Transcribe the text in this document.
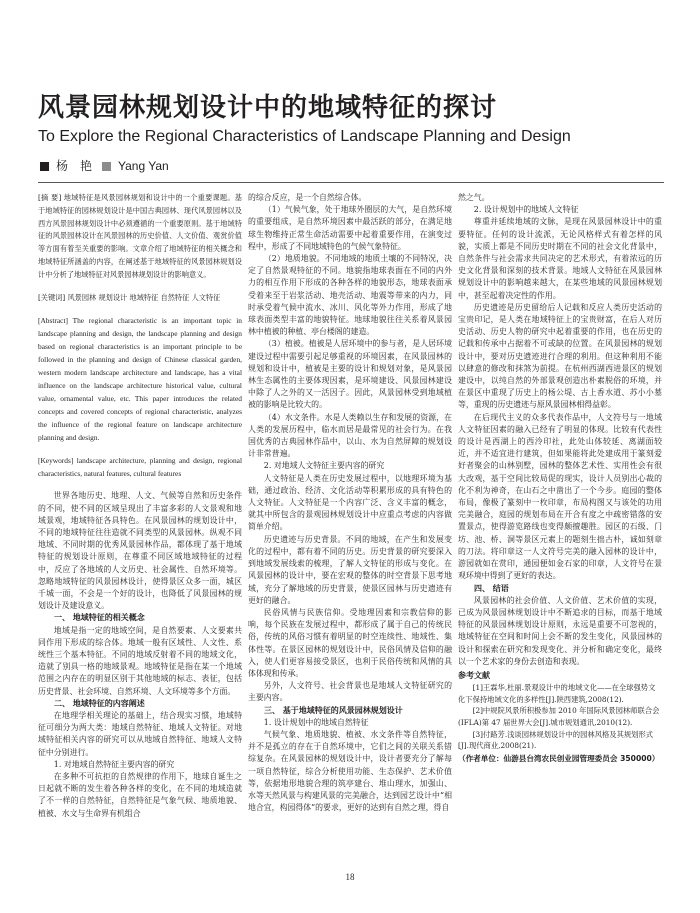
风景园林规划设计中的地域特征的探讨
To Explore the Regional Characteristics of Landscape Planning and Design
杨　艳 Yang Yan

[摘 要] 地域特征是风景园林规划和设计中的一个重要课题。基于地域特征的园林规划设计是中国古典园林、现代风景园林以及西方风景园林规划设计中必须遵循的一个重要原则。基于地域特征的风景园林设计在风景园林的历史价值、人文价值、观赏价值等方面有着至关重要的影响。文章介绍了地域特征的相关概念和地域特征所涵盖的内容，在阐述基于地域特征的风景园林规划设计中分析了地域特征对风景园林规划设计的影响意义。

[关键词] 风景园林 规划设计 地域特征 自然特征 人文特征

[Abstract] The regional characteristic is an important topic in landscape planning and design, the landscape planning and design based on regional characteristics is an important principle to be followed in the planning and design of Chinese classical garden, western modern landscape architecture and landscape, has a vital influence on the landscape architecture historical value, cultural value, ornamental value, etc. This paper introduces the related concepts and covered concepts of regional characteristic, analyzes the influence of the regional feature on landscape architecture planning and design.

[Keywords] landscape architecture, planning and design, regional characteristics, natural features, cultural features

世界各地历史、地理、人文、气候等自然和历史条件的不同，使不同的区域呈现出了丰富多彩的人文景观和地域景观，地域特征各具特色。在风景园林的规划设计中，不同的地域特征往往造就不同类型的风景园林。纵观不同地域、不同时期的优秀风景园林作品，都体现了基于地域特征的规划设计原则，在尊重不同区域地域特征的过程中，反应了各地域的人文历史、社会属性、自然环境等。忽略地域特征的风景园林设计，使得景区众多一面，城区千城一面，不会是一个好的设计，也降低了风景园林的规划设计及建设意义。

一、 地域特征的相关概念

地域是指一定的地域空间，是自然要素、人文要素共同作用下形成的综合体。地域一般有区域性、人文性、系统性三个基本特征。不同的地域反射着不同的地域文化，造就了别具一格的地域景观。地域特征是指在某一个地域范围之内存在的明显区别于其他地域的标志、表征，包括历史背景、社会环境、自然环境、人文环境等多个方面。

二、 地域特征的内容阐述

在地理学相关理论的基础上，结合现实习惯，地域特征可细分为两大类：地域自然特征、地域人文特征。对地域特征相关内容的研究可以从地域自然特征、地域人文特征中分别进行。

1. 对地域自然特征主要内容的研究

在多种不可抗拒的自然规律的作用下，地球自诞生之日起就不断的发生着各种各样的变化，在不同的地域造就了不一样的自然特征，自然特征是气象气候、地质地貌、植被、水文与生命界有机组合

的综合反应，是一个自然综合体。

（1）气候气象，处于地球外圈层的大气，是自然环境的重要组成，是自然环境因素中最活跃的部分，在满足地球生物维持正常生命活动需要中起着重要作用，在演变过程中，形成了不同地域特色的气候气象特征。

（2）地质地貌。不同地域的地质土壤的不同特况，决定了自然景观特征的不同。地貌指地球表面在不同的内外力的相互作用下形成的各种各样的地貌形态，地球表面承受着来至于岩浆活动、地壳活动、地震等带来的内力，同时承受着气候中流水、冰川、风化等外力作用，形成了地球表面类型丰富的地貌特征。地球地貌往往关系着风景园林中植被的种植、亭台楼阁的建造。

（3）植被。植被是人居环境中的参与者，是人居环境建设过程中需要引起足够重视的环境因素，在风景园林的规划和设计中，植被是主要的设计和规划对象，是风景园林生态属性的主要体现因素，是环境建设、风景园林建设中除了人之外的又一活因子。因此，风景园林受到地域植被的影响是比较大的。

（4）水文条件。水是人类赖以生存和发展的资源，在人类的发展历程中，临水而居是最常见的社会行为。在我国优秀的古典园林作品中，以山、水为自然屏障的规划设计非常普遍。

2. 对地域人文特征主要内容的研究

人文特征是人类在历史发展过程中，以地理环境为基础，通过政治、经济、文化活动等积累形成的具有特色的人文特征。人文特征是一个内容广泛、含义丰富的概念，就其中所包含的景观园林规划设计中应重点考虑的内容做简单介绍。

历史遗迹与历史背景。不同的地域，在产生和发展变化的过程中，都有着不同的历史。历史背景的研究要深入到地域发展线索的梳理，了解人文特征的形成与变化。在风景园林的设计中，要在宏观的整体的时空背景下思考地域，充分了解地域的历史背景，使景区园林与历史遗迹有更好的融合。

民俗风情与民族信仰。受地理因素和宗教信仰的影响，每个民族在发展过程中，都形成了属于自己的传统民俗，传统的风俗习惯有着明显的时空连续性、地域性、集体性等。在景区园林的规划设计中，民俗风情及信仰的融入，使人们更容易接受景区，也利于民俗传统和风情的具体体现和传承。

另外，人文符号、社会背景也是地域人文特征研究的主要内容。

三、 基于地域特征的风景园林规划设计

1. 设计规划中的地域自然特征

气候气象、地质地貌、植被、水文条件等自然特征，并不是孤立的存在于自然环境中，它们之间的关联关系错综复杂。在风景园林的规划设计中，设计者要充分了解每一项自然特征，综合分析使用功能、生态保护、艺术价值等，依据地形地貌合理的筑亭建台、堆山理水，加强山、水等天然风景与构建风景的完美融合，达到园艺设计中“相地合宜，构园得体”的要求，更好的达到有自然之理，得自

然之气。

2. 设计规划中的地域人文特征

尊重并延续地域的文脉，是现在风景园林设计中的重要特征。任何的设计流派，无论风格样式有着怎样的风貌，实质上都是不同历史时期在不同的社会文化背景中，自然条件与社会需求共同决定的艺术形式，有着浓远的历史文化背景和深刻的技术背景。地域人文特征在风景园林规划设计中的影响越来越大，在某些地域的风景园林规划中，甚至起着决定性的作用。

历史遗迹是历史留给后人记载和反应人类历史活动的宝贵印记，是人类在地域特征上的宝贵财富，在后人对历史活动、历史人物的研究中起着重要的作用，也在历史的记载和传承中占据着不可或缺的位置。在风景园林的规划设计中，要对历史遗迹进行合理的利用。但这种利用不能以肆意的修改和抹煞为前提。在杭州西湖西进景区的规划建设中，以纯自然的外部景观创造出朴素脱俗的环境，并在景区中重现了历史上的杨公堤、古上香水道、苏小小墓等，重现的历史遗迹与原风景园林相得益彰。

在后现代主义的众多代表作品中，人文符号与一地域人文特征因素的融入已经有了明显的体现。比较有代表性的设计是西湖上的西泠印社，此处山体较延、离湖面较近，并不适宜进行建筑，但如果能将此处建成用于篆刻爱好者聚会的山林别墅，园林的整体艺术性、实用性会有很大改观，基于空间比较局促的现实，设计人员别出心裁的化不利为神奇，在山石之中凿出了一个今步。庭园的整体布局，像极了篆刻中一枚印章，布局构图又与该处的功用完美融合，庭园的规划布局在开合有度之中疏密错落的安置景点，使得游览路线也变得颇擅趣胜。园区的石级、门坊、池、桥、洞等景区元素上的题刻生拙古朴，诚如刻章的刀法。将印章这一人文符号完美的融入园林的设计中，游园就如在赏印，通园便如金石家的印章，人文符号在景观环境中得到了更好的表达。

四、 结语

风景园林的社会价值、人文价值、艺术价值的实现，已成为风景园林规划设计中不断追求的目标，而基于地域特征的风景园林规划设计原则，永远是重要不可忽视的，地域特征在空间和时间上会不断的发生变化，风景园林的设计和探索在研究和发现变化、并分析和确定变化，最终以一个艺术家的身份去创造和表现。

参考文献

[1]王霖华,杜丽.景观设计中的地域文化——在全球强势文化下保持地域文化的多样性[J].陕西建筑,2008(12).

[2]中规院风景所积极参加 2010 年国际风景园林师联合会(IFLA)第 47 届世界大会[J].城市规划通讯,2010(12).

[3]付路芳.浅谈园林规划设计中的园林风格及其规划形式[J].现代商业,2008(21).

（作者单位：仙游县台湾农民创业园管理委员会 350000）
18
